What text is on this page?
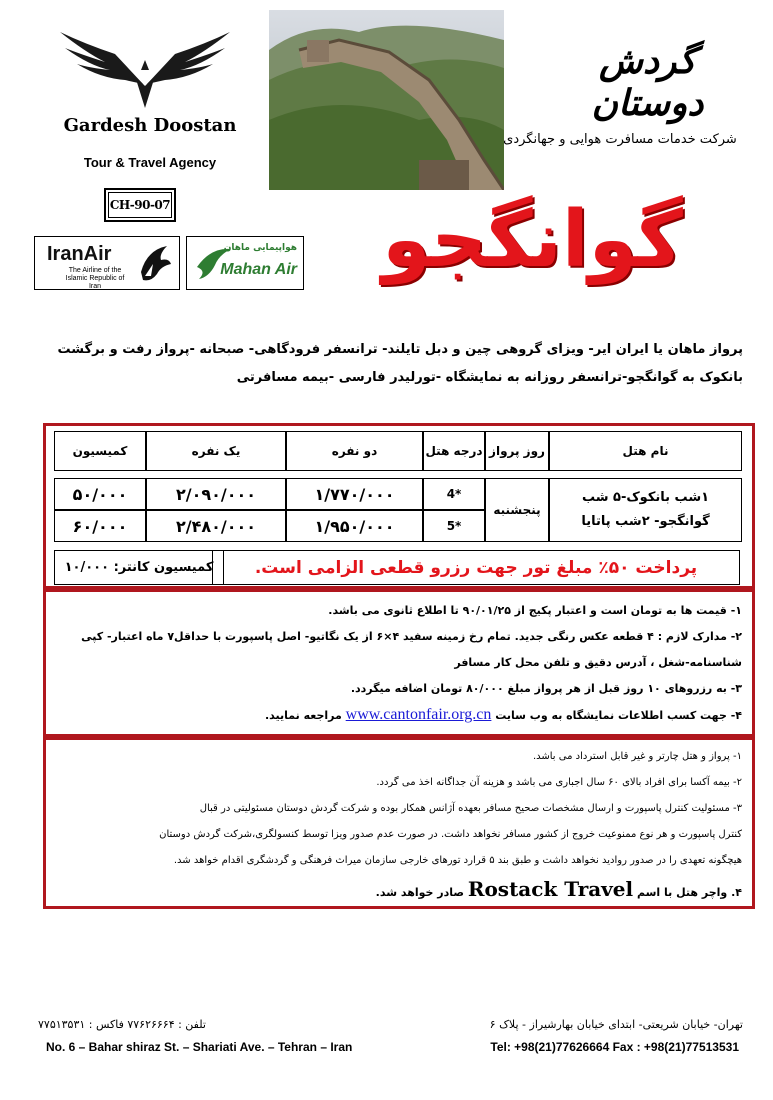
Gardesh Doostan
Tour & Travel Agency
CH-90-07
IranAir
The Airline of the
Islamic Republic of Iran
هواپیمایی ماهان
Mahan Air
گردش دوستان
شرکت خدمات مسافرت هوایی و جهانگردی
گوانگجو
پرواز ماهان یا ایران ایر- ویزای گروهی چین و دبل تایلند- ترانسفر فرودگاهی- صبحانه -پرواز رفت و برگشت
بانکوک به گوانگجو-ترانسفر روزانه به نمایشگاه -تورلیدر فارسی -بیمه مسافرتی
نام هتل
روز پرواز
درجه هتل
دو نفره
یک نفره
کمیسیون
۱شب بانکوک-۵ شب گوانگجو- ۲شب پاتایا
پنجشنبه
*4
۱/۷۷۰/۰۰۰
۲/۰۹۰/۰۰۰
۵۰/۰۰۰
*5
۱/۹۵۰/۰۰۰
۲/۴۸۰/۰۰۰
۶۰/۰۰۰
پرداخت ۵۰٪ مبلغ تور جهت رزرو قطعی الزامی است.
کمیسیون کانتر: ۱۰/۰۰۰
۱- قیمت ها به تومان است و اعتبار پکیج از ۹۰/۰۱/۲۵ تا اطلاع ثانوی می باشد.
۲- مدارک لازم : ۴ قطعه عکس رنگی جدید. تمام رخ زمینه سفید ۴×۶ از یک نگاتیو- اصل پاسپورت با حداقل۷ ماه اعتبار- کپی
شناسنامه-شغل ، آدرس دقیق و تلفن محل کار مسافر
۳- به رزروهای ۱۰ روز قبل از هر پرواز مبلغ ۸۰/۰۰۰ تومان اضافه میگردد.
۴- جهت کسب اطلاعات نمایشگاه به وب سایت www.cantonfair.org.cn مراجعه نمایید.
۱- پرواز و هتل چارتر و غیر قابل استرداد می باشد.
۲- بیمه آکسا برای افراد بالای ۶۰ سال اجباری می باشد و هزینه آن جداگانه اخذ می گردد.
۳- مسئولیت کنترل پاسپورت و ارسال مشخصات صحیح مسافر بعهده آژانس همکار بوده و شرکت گردش دوستان مسئولیتی در قبال
کنترل پاسپورت و هر نوع ممنوعیت خروج از کشور مسافر نخواهد داشت. در صورت عدم صدور ویزا توسط کنسولگری،شرکت گردش دوستان
هیچگونه تعهدی را در صدور روادید نخواهد داشت و طبق بند ۵ قرارد تورهای خارجی سازمان میراث فرهنگی و گردشگری اقدام خواهد شد.
۴. واچر هتل با اسم Rostack Travel صادر خواهد شد.
تلفن : ۷۷۶۲۶۶۶۴ فاکس : ۷۷۵۱۳۵۳۱	تهران- خیابان شریعتی- ابتدای خیابان بهارشیراز - پلاک ۶
No. 6 – Bahar shiraz St. – Shariati Ave. – Tehran – Iran	Tel: +98(21)77626664 Fax : +98(21)77513531
